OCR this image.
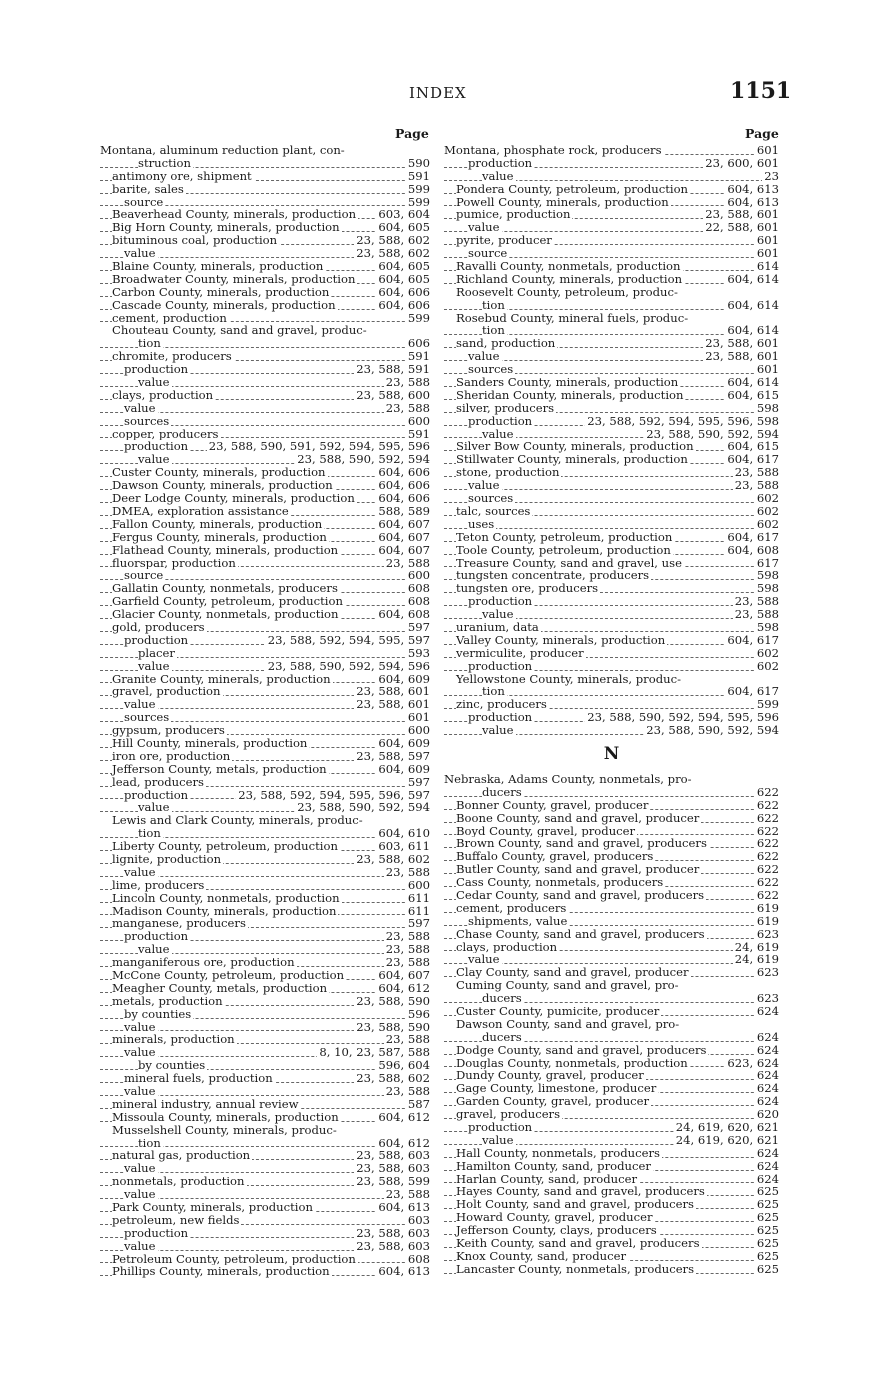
INDEX	1151
Page	Page
Montana, aluminum reduction plant, con-
struction	590
antimony ore, shipment	591
barite, sales	599
source	599
Beaverhead County, minerals, production 603, 604
Big Horn County, minerals, production	604, 605
bituminous coal, production	23, 588, 602
value	23, 588, 602
Blaine County, minerals, production	604, 605
Broadwater County, minerals, production 604, 605
Carbon County, minerals, production	604, 606
Cascade County, minerals, production	604, 606
cement, production	599
Chouteau County, sand and gravel, produc-
tion	606
chromite, producers	591
production	23, 588, 591
value	23, 588
clays, production	23, 588, 600
value	23, 588
sources	600
copper, producers	591
production 23, 588, 590, 591, 592, 594, 595, 596
value	23, 588, 590, 592, 594
Custer County, minerals, production	604, 606
Dawson County, minerals, production	604, 606
Deer Lodge County, minerals, production 604, 606
DMEA, exploration assistance	588, 589
Fallon County, minerals, production	604, 607
Fergus County, minerals, production	604, 607
Flathead County, minerals, production	604, 607
fluorspar, production	23, 588
source	600
Gallatin County, nonmetals, producers	608
Garfield County, petroleum, production	608
Glacier County, nonmetals, production	604, 608
gold, producers	597
production	23, 588, 592, 594, 595, 597
placer	593
value	23, 588, 590, 592, 594, 596
Granite County, minerals, production	604, 609
gravel, production	23, 588, 601
value	23, 588, 601
sources	601
gypsum, producers	600
Hill County, minerals, production	604, 609
iron ore, production	23, 588, 597
Jefferson County, metals, production	604, 609
lead, producers	597
production	23, 588, 592, 594, 595, 596, 597
value	23, 588, 590, 592, 594
Lewis and Clark County, minerals, produc-
tion	604, 610
Liberty County, petroleum, production	603, 611
lignite, production	23, 588, 602
value	23, 588
lime, producers	600
Lincoln County, nonmetals, production	611
Madison County, minerals, production	611
manganese, producers	597
production	23, 588
value	23, 588
manganiferous ore, production	23, 588
McCone County, petroleum, production	604, 607
Meagher County, metals, production	604, 612
metals, production	23, 588, 590
by counties	596
value	23, 588, 590
minerals, production	23, 588
value	8, 10, 23, 587, 588
by counties	596, 604
mineral fuels, production	23, 588, 602
value	23, 588
mineral industry, annual review	587
Missoula County, minerals, production	604, 612
Musselshell County, minerals, produc-
tion	604, 612
natural gas, production	23, 588, 603
value	23, 588, 603
nonmetals, production	23, 588, 599
value	23, 588
Park County, minerals, production	604, 613
petroleum, new fields	603
production	23, 588, 603
value	23, 588, 603
Petroleum County, petroleum, production	608
Phillips County, minerals, production	604, 613
Montana, phosphate rock, producers	601
production	23, 600, 601
value	23
Pondera County, petroleum, production	604, 613
Powell County, minerals, production	604, 613
pumice, production	23, 588, 601
value	22, 588, 601
pyrite, producer	601
source	601
Ravalli County, nonmetals, production	614
Richland County, minerals, production	604, 614
Roosevelt County, petroleum, produc-
tion	604, 614
Rosebud County, mineral fuels, produc-
tion	604, 614
sand, production	23, 588, 601
value	23, 588, 601
sources	601
Sanders County, minerals, production	604, 614
Sheridan County, minerals, production	604, 615
silver, producers	598
production	23, 588, 592, 594, 595, 596, 598
value	23, 588, 590, 592, 594
Silver Bow County, minerals, production	604, 615
Stillwater County, minerals, production	604, 617
stone, production	23, 588
value	23, 588
sources	602
talc, sources	602
uses	602
Teton County, petroleum, production	604, 617
Toole County, petroleum, production	604, 608
Treasure County, sand and gravel, use	617
tungsten concentrate, producers	598
tungsten ore, producers	598
production	23, 588
value	23, 588
uranium, data	598
Valley County, minerals, production	604, 617
vermiculite, producer	602
production	602
Yellowstone County, minerals, produc-
tion	604, 617
zinc, producers	599
production	23, 588, 590, 592, 594, 595, 596
value	23, 588, 590, 592, 594
N
Nebraska, Adams County, nonmetals, pro-
ducers	622
Bonner County, gravel, producer	622
Boone County, sand and gravel, producer	622
Boyd County, gravel, producer	622
Brown County, sand and gravel, producers	622
Buffalo County, gravel, producers	622
Butler County, sand and gravel, producer	622
Cass County, nonmetals, producers	622
Cedar County, sand and gravel, producers	622
cement, producers	619
shipments, value	619
Chase County, sand and gravel, producers	623
clays, production	24, 619
value	24, 619
Clay County, sand and gravel, producer	623
Cuming County, sand and gravel, pro-
ducers	623
Custer County, pumicite, producer	624
Dawson County, sand and gravel, pro-
ducers	624
Dodge County, sand and gravel, producers	624
Douglas County, nonmetals, production	623, 624
Dundy County, gravel, producer	624
Gage County, limestone, producer	624
Garden County, gravel, producer	624
gravel, producers	620
production	24, 619, 620, 621
value	24, 619, 620, 621
Hall County, nonmetals, producers	624
Hamilton County, sand, producer	624
Harlan County, sand, producer	624
Hayes County, sand and gravel, producers	625
Holt County, sand and gravel, producers	625
Howard County, gravel, producer	625
Jefferson County, clays, producers	625
Keith County, sand and gravel, producers	625
Knox County, sand, producer	625
Lancaster County, nonmetals, producers	625
